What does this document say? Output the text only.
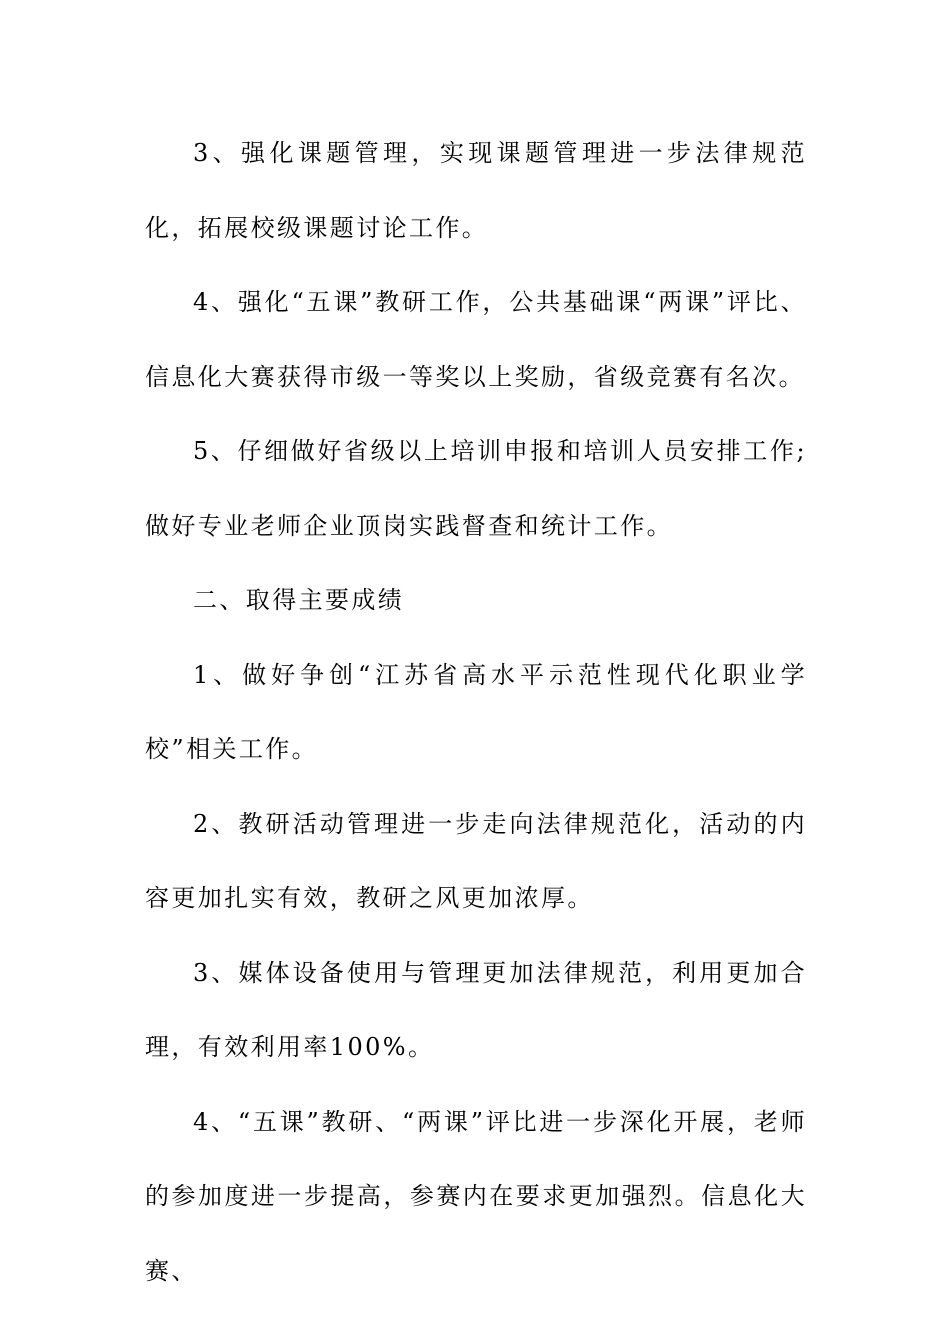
3、强化课题管理，实现课题管理进一步法律规范化，拓展校级课题讨论工作。

4、强化“五课”教研工作，公共基础课“两课”评比、信息化大赛获得市级一等奖以上奖励，省级竞赛有名次。

5、仔细做好省级以上培训申报和培训人员安排工作;做好专业老师企业顶岗实践督查和统计工作。

二、取得主要成绩

1、做好争创“江苏省高水平示范性现代化职业学校”相关工作。

2、教研活动管理进一步走向法律规范化，活动的内容更加扎实有效，教研之风更加浓厚。

3、媒体设备使用与管理更加法律规范，利用更加合理，有效利用率100%。

4、“五课”教研、“两课”评比进一步深化开展，老师的参加度进一步提高，参赛内在要求更加强烈。信息化大赛、
